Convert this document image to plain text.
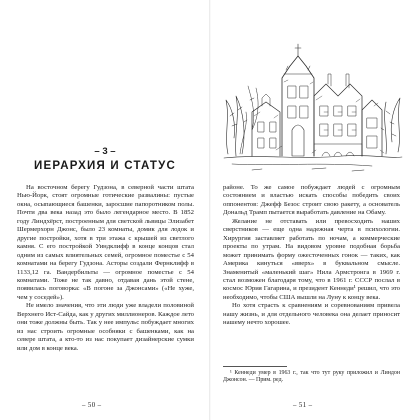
– 3 –
ИЕРАРХИЯ И СТАТУС

На восточном берегу Гудзона, в северной части штата Нью-Йорк, стоят огромные готические развалины: пустые окна, осыпающиеся башенки, заросшие папоротником полы. Почти два века назад это было легендарное место. В 1852 году Линдхёрст, построенным для светской львицы Элизабет Шермерхорн Джонс, было 23 комнаты, домик для лодок и другие постройки, хотя в три этажа с крышей из светлого камня. С его постройкой Уиндклифф в конце концов стал одним из самых влиятельных семей, огромное поместье с 54 комнатами на берегу Гудзона. Асторы создали Фернклифф в 1133,12 га. Вандербильты — огромное поместье с 54 комнатами. Тоже не так давно, отдавая дань этой стене, появилась поговорка: «В погоне за Джонсами» («Не хуже, чем у соседей»).

Не имело значения, что эти люди уже владели половиной Верхнего Ист-Сайда, как у других миллионеров. Каждое лето они тоже должны быть. Так у нее импульс побуждает многих из нас строить огромные особняки с башенками, как на севере штата, а кто-то из нас покупает дизайнерские сумки или дом в конце века.

– 50 –

районе. То же самое побуждает людей с огромным состоянием и властью искать способы победить своих оппонентов: Джефф Безос строит свою ракету, а основатель Дональд Трамп пытается выработать давление на Обаму.

Желание не отставать или превосходить наших сверстников — еще одна надежная черта в психологии. Хирургия заставляет работать по ночам, а коммерческие проекты по утрам. На видовом уровне подобная борьба может принимать форму ожесточенных гонок — таких, как Америка кинуться «вверх» в буквальном смысле. Знаменитый «маленький шаг» Нила Армстронга в 1969 г. стал возможен благодаря тому, что в 1961 г. СССР послал в космос Юрия Гагарина, и президент Кеннеди¹ решил, что это необходимо, чтобы США вышли на Луну к концу века.

Но хотя страсть к сравнениям и соревнованиям привела нашу жизнь, и для отдельного человека она делает приносит нашему нечто хорошее.

¹ Кеннеди умер в 1963 г., так что тут руку приложил и Линдон Джонсон. — Прим. ред.
– 51 –
